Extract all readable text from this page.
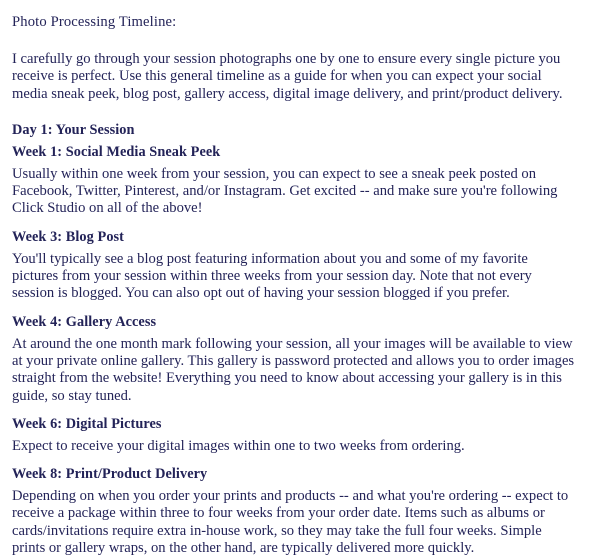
Photo Processing Timeline:

I carefully go through your session photographs one by one to ensure every single picture you receive is perfect. Use this general timeline as a guide for when you can expect your social media sneak peek, blog post, gallery access, digital image delivery, and print/product delivery.

Day 1: Your Session

Week 1: Social Media Sneak Peek

Usually within one week from your session, you can expect to see a sneak peek posted on Facebook, Twitter, Pinterest, and/or Instagram. Get excited -- and make sure you're following Click Studio on all of the above!

Week 3: Blog Post

You'll typically see a blog post featuring information about you and some of my favorite pictures from your session within three weeks from your session day. Note that not every session is blogged. You can also opt out of having your session blogged if you prefer.

Week 4: Gallery Access

At around the one month mark following your session, all your images will be available to view at your private online gallery. This gallery is password protected and allows you to order images straight from the website! Everything you need to know about accessing your gallery is in this guide, so stay tuned.

Week 6: Digital Pictures

Expect to receive your digital images within one to two weeks from ordering.

Week 8: Print/Product Delivery

Depending on when you order your prints and products -- and what you're ordering -- expect to receive a package within three to four weeks from your order date. Items such as albums or cards/invitations require extra in-house work, so they may take the full four weeks. Simple prints or gallery wraps, on the other hand, are typically delivered more quickly.
